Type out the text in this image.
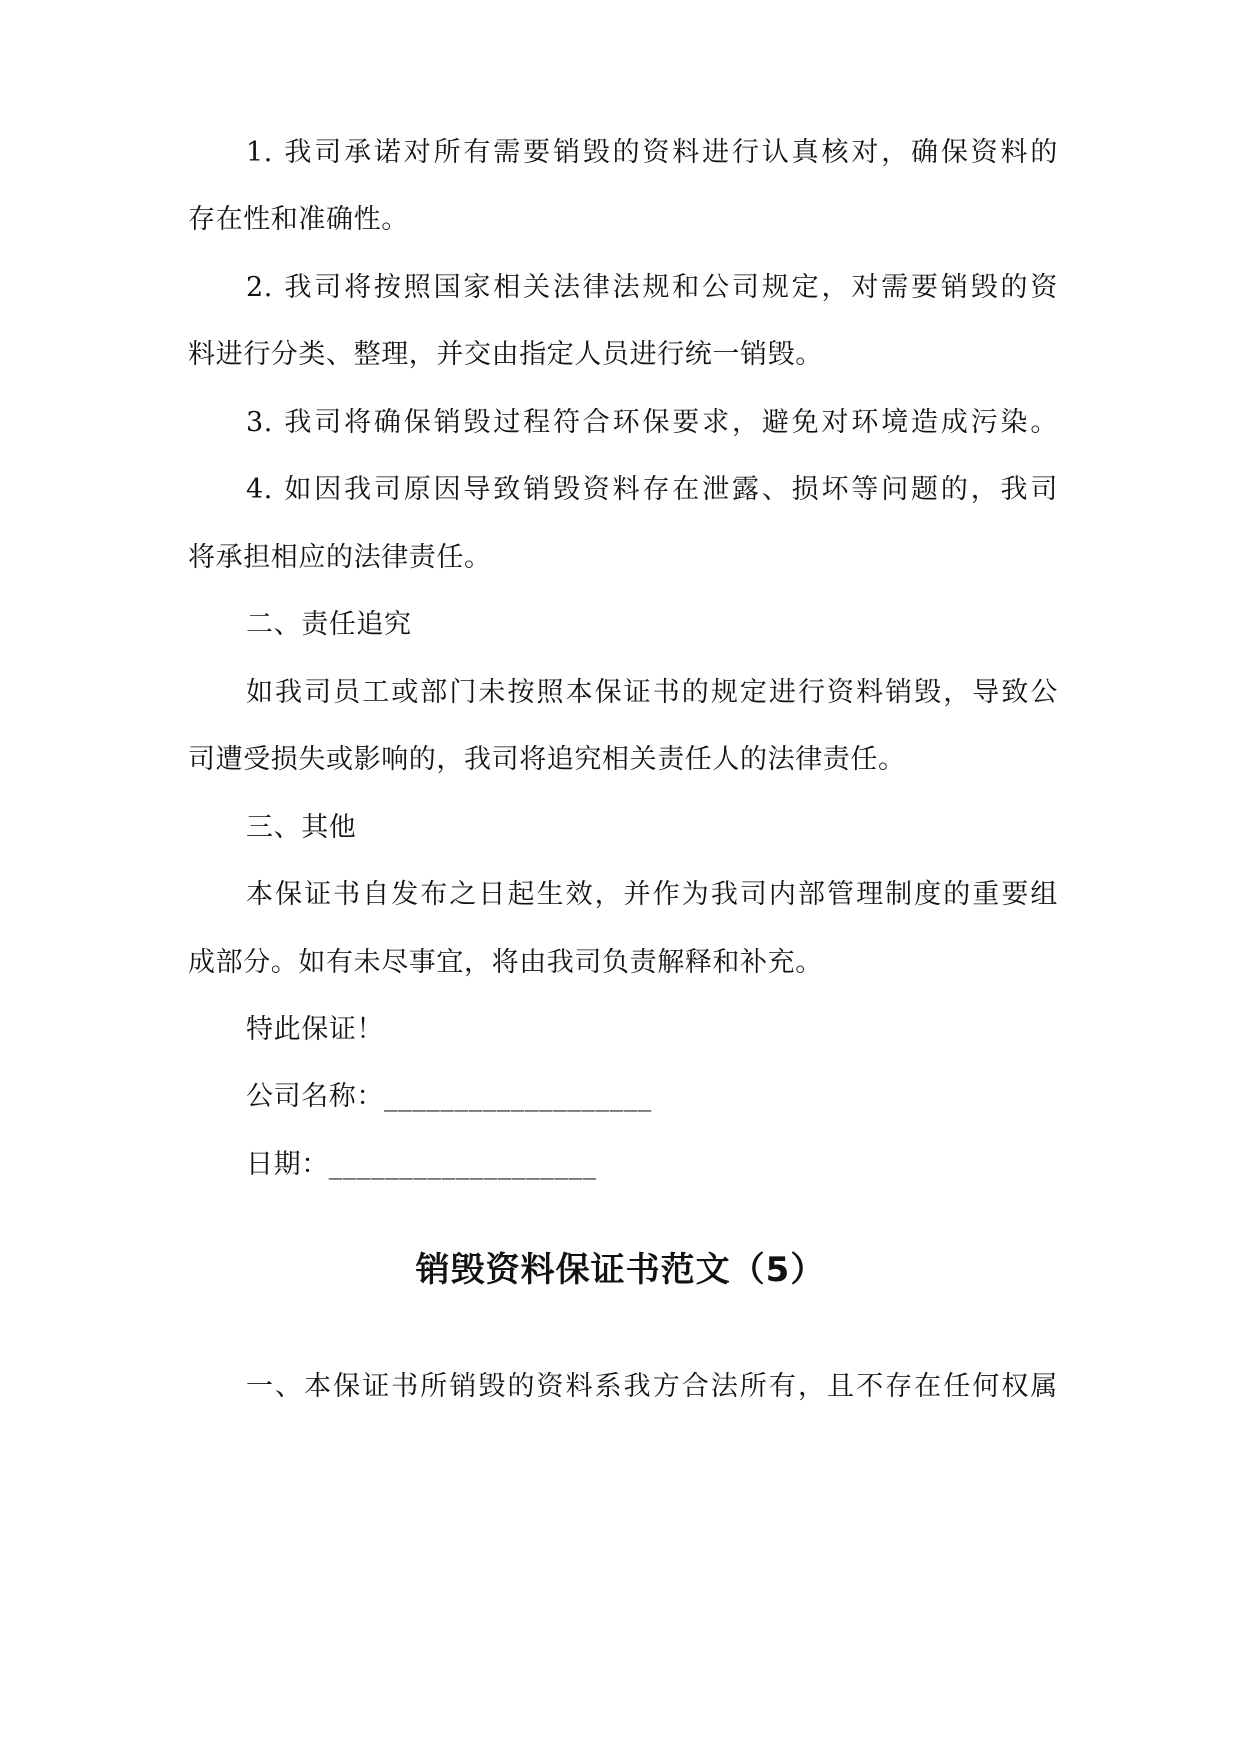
1. 我司承诺对所有需要销毁的资料进行认真核对，确保资料的
存在性和准确性。
2. 我司将按照国家相关法律法规和公司规定，对需要销毁的资
料进行分类、整理，并交由指定人员进行统一销毁。
3. 我司将确保销毁过程符合环保要求，避免对环境造成污染。
4. 如因我司原因导致销毁资料存在泄露、损坏等问题的，我司
将承担相应的法律责任。
二、责任追究
如我司员工或部门未按照本保证书的规定进行资料销毁，导致公
司遭受损失或影响的，我司将追究相关责任人的法律责任。
三、其他
本保证书自发布之日起生效，并作为我司内部管理制度的重要组
成部分。如有未尽事宜，将由我司负责解释和补充。
特此保证！
公司名称：___________________
日期：___________________
销毁资料保证书范文（5）
一、本保证书所销毁的资料系我方合法所有，且不存在任何权属
